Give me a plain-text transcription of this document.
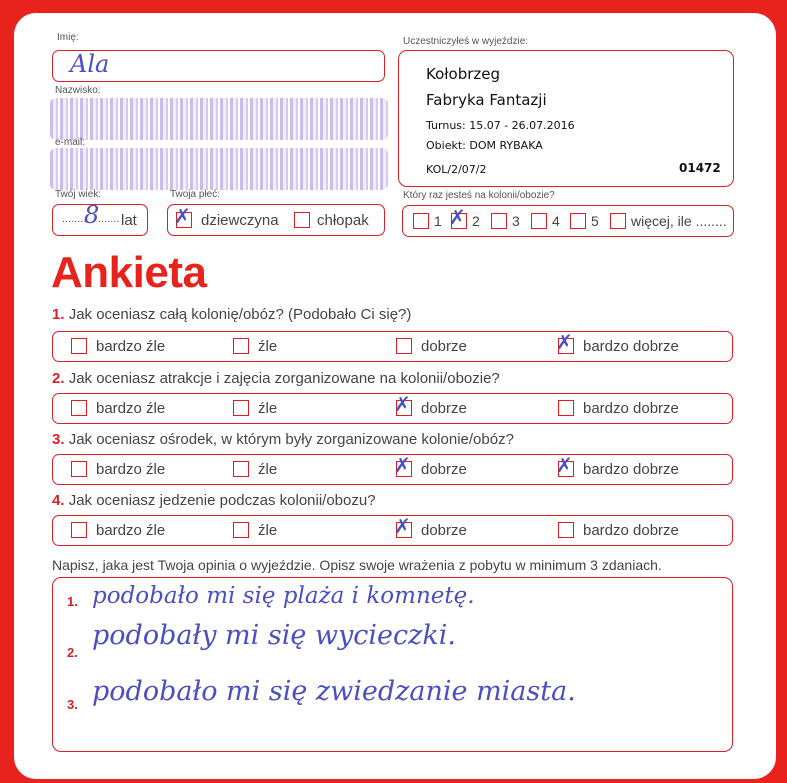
Imię:
Ala
Nazwisko:
e-mail:
Twój wiek:
........
8
....... lat
Twoja płeć:
✗ dziewczyna	chłopak
Uczestniczyłeś w wyjeździe:
Kołobrzeg
Fabryka Fantazji
Turnus: 15.07 - 26.07.2016
Obiekt: DOM RYBAKA
KOL/2/07/2	01472
Który raz jesteś na kolonii/obozie?
1 ✗ 2 3 4 5 więcej, ile ........
Ankieta
1. Jak oceniasz całą kolonię/obóz? (Podobało Ci się?)
bardzo źle	źle	dobrze	✗ bardzo dobrze
2. Jak oceniasz atrakcje i zajęcia zorganizowane na kolonii/obozie?
bardzo źle	źle	✗ dobrze	bardzo dobrze
3. Jak oceniasz ośrodek, w którym były zorganizowane kolonie/obóz?
bardzo źle	źle	✗ dobrze	✗ bardzo dobrze
4. Jak oceniasz jedzenie podczas kolonii/obozu?
bardzo źle	źle	✗ dobrze	bardzo dobrze
Napisz, jaka jest Twoja opinia o wyjeździe. Opisz swoje wrażenia z pobytu w minimum 3 zdaniach.
1. podobało mi się plaża i komnetę.
2.
podobały mi się wycieczki.
3. podobało mi się zwiedzanie miasta.
